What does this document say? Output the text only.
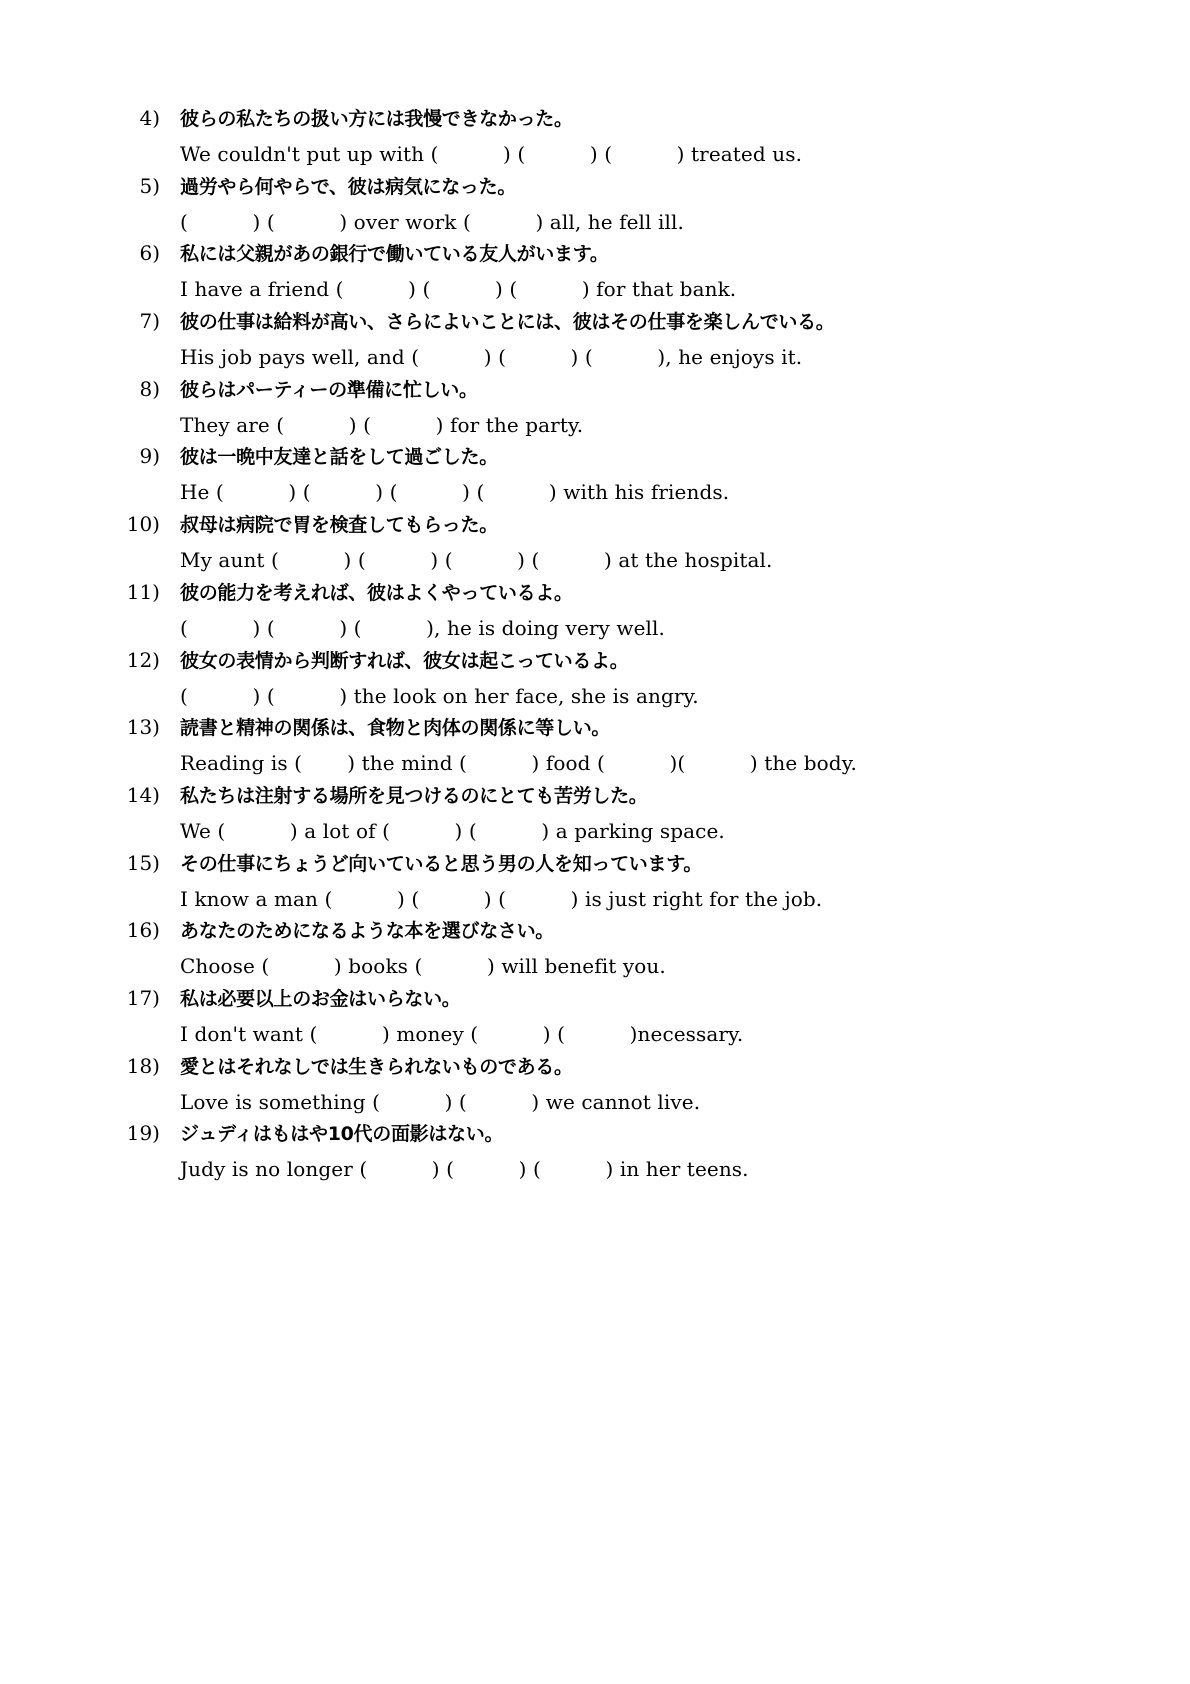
4)	彼らの私たちの扱い方には我慢できなかった。
We couldn't put up with (          ) (          ) (          ) treated us.
5)	過労やら何やらで、彼は病気になった。
(          ) (          ) over work (          ) all, he fell ill.
6)	私には父親があの銀行で働いている友人がいます。
I have a friend (          ) (          ) (          ) for that bank.
7)	彼の仕事は給料が高い、さらによいことには、彼はその仕事を楽しんでいる。
His job pays well, and (          ) (          ) (          ), he enjoys it.
8)	彼らはパーティーの準備に忙しい。
They are (          ) (          ) for the party.
9)	彼は一晩中友達と話をして過ごした。
He (          ) (          ) (          ) (          ) with his friends.
10)	叔母は病院で胃を検査してもらった。
My aunt (          ) (          ) (          ) (          ) at the hospital.
11)	彼の能力を考えれば、彼はよくやっているよ。
(          ) (          ) (          ), he is doing very well.
12)	彼女の表情から判断すれば、彼女は起こっているよ。
(          ) (          ) the look on her face, she is angry.
13)	読書と精神の関係は、食物と肉体の関係に等しい。
Reading is (       ) the mind (          ) food (          )(          ) the body.
14)	私たちは注射する場所を見つけるのにとても苦労した。
We (          ) a lot of (          ) (          ) a parking space.
15)	その仕事にちょうど向いていると思う男の人を知っています。
I know a man (          ) (          ) (          ) is just right for the job.
16)	あなたのためになるような本を選びなさい。
Choose (          ) books (          ) will benefit you.
17)	私は必要以上のお金はいらない。
I don't want (          ) money (          ) (          )necessary.
18)	愛とはそれなしでは生きられないものである。
Love is something (          ) (          ) we cannot live.
19)	ジュディはもはや10代の面影はない。
Judy is no longer (          ) (          ) (          ) in her teens.
